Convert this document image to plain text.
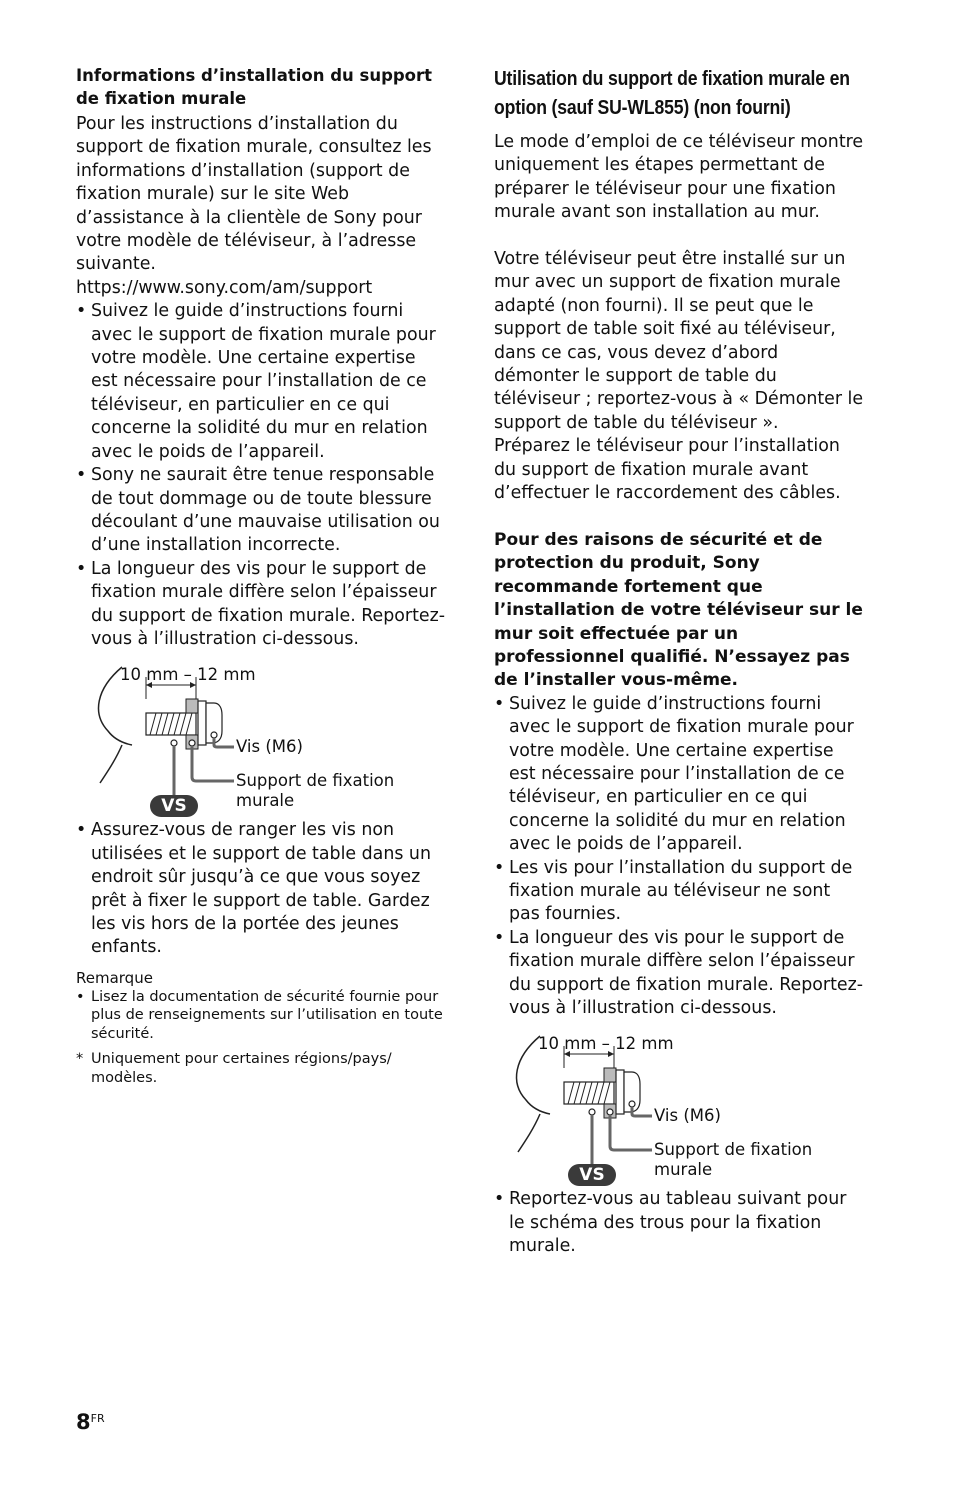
Informations d’installation du support de fixation murale

Pour les instructions d’installation du support de fixation murale, consultez les informations d’installation (support de fixation murale) sur le site Web d’assistance à la clientèle de Sony pour votre modèle de téléviseur, à l’adresse suivante.

https://www.sony.com/am/support

• Suivez le guide d’instructions fourni avec le support de fixation murale pour votre modèle. Une certaine expertise est nécessaire pour l’installation de ce téléviseur, en particulier en ce qui concerne la solidité du mur en relation avec le poids de l’appareil.
• Sony ne saurait être tenue responsable de tout dommage ou de toute blessure découlant d’une mauvaise utilisation ou d’une installation incorrecte.
• La longueur des vis pour le support de fixation murale diffère selon l’épaisseur du support de fixation murale. Reportez-vous à l’illustration ci-dessous.
10 mm – 12 mm
Vis (M6)
Support de fixation
murale
VS
• Assurez-vous de ranger les vis non utilisées et le support de table dans un endroit sûr jusqu’à ce que vous soyez prêt à fixer le support de table. Gardez les vis hors de la portée des jeunes enfants.
Remarque
• Lisez la documentation de sécurité fournie pour plus de renseignements sur l’utilisation en toute sécurité.
* Uniquement pour certaines régions/pays/ modèles.
Utilisation du support de fixation murale en option (sauf SU-WL855) (non fourni)

Le mode d’emploi de ce téléviseur montre uniquement les étapes permettant de préparer le téléviseur pour une fixation murale avant son installation au mur.

Votre téléviseur peut être installé sur un mur avec un support de fixation murale adapté (non fourni). Il se peut que le support de table soit fixé au téléviseur, dans ce cas, vous devez d’abord démonter le support de table du téléviseur ; reportez-vous à « Démonter le support de table du téléviseur ».

Préparez le téléviseur pour l’installation du support de fixation murale avant d’effectuer le raccordement des câbles.

Pour des raisons de sécurité et de protection du produit, Sony recommande fortement que l’installation de votre téléviseur sur le mur soit effectuée par un professionnel qualifié. N’essayez pas de l’installer vous-même.

• Suivez le guide d’instructions fourni avec le support de fixation murale pour votre modèle. Une certaine expertise est nécessaire pour l’installation de ce téléviseur, en particulier en ce qui concerne la solidité du mur en relation avec le poids de l’appareil.
• Les vis pour l’installation du support de fixation murale au téléviseur ne sont pas fournies.
• La longueur des vis pour le support de fixation murale diffère selon l’épaisseur du support de fixation murale. Reportez-vous à l’illustration ci-dessous.
10 mm – 12 mm
Vis (M6)
Support de fixation
murale
VS
• Reportez-vous au tableau suivant pour le schéma des trous pour la fixation murale.
$8^{FR}$
